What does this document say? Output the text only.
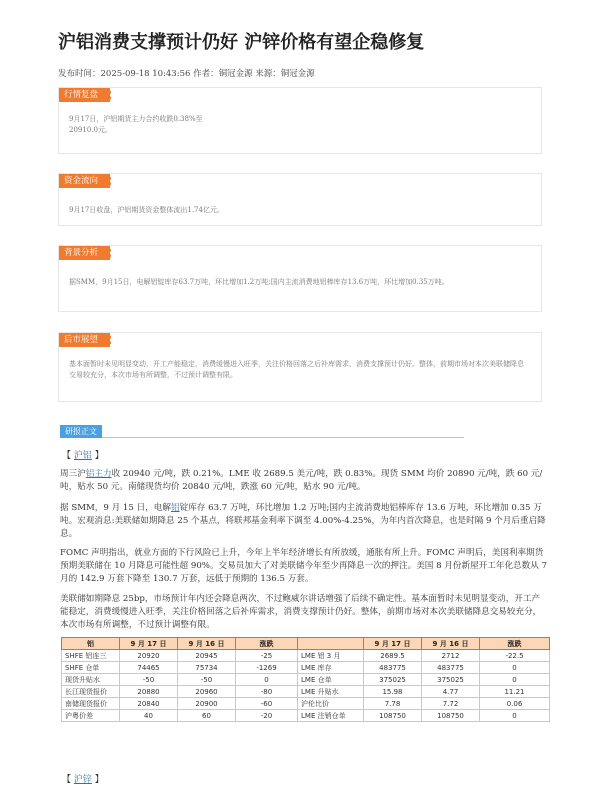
沪铝消费支撑预计仍好 沪锌价格有望企稳修复
发布时间：2025-09-18 10:43:56 作者：铜冠金源 来源：铜冠金源
行情复盘
9月17日，沪铝期货主力合约收跌0.38%至20910.0元。
资金流向
9月17日收盘，沪铝期货资金整体流出1.74亿元。
背景分析
据SMM，9月15日，电解铝锭库存63.7万吨，环比增加1.2万吨;国内主流消费地铝棒库存13.6万吨，环比增加0.35万吨。
后市展望
基本面暂时未见明显变动，开工产能稳定，消费缓慢进入旺季，关注价格回落之后补库需求，消费支撑预计仍好。整体，前期市场对本次美联储降息交易较充分，本次市场有所调整，不过预计调整有限。
研报正文
【 沪铝 】

周三沪铝主力收 20940 元/吨，跌 0.21%。LME 收 2689.5 美元/吨，跌 0.83%。现货 SMM 均价 20890 元/吨，跌 60 元/吨，贴水 50 元。南储现货均价 20840 元/吨，跌涨 60 元/吨，贴水 90 元/吨。

据 SMM，9 月 15 日，电解铝锭库存 63.7 万吨，环比增加 1.2 万吨;国内主流消费地铝棒库存 13.6 万吨，环比增加 0.35 万吨。宏观消息:美联储如期降息 25 个基点，将联邦基金利率下调至 4.00%-4.25%，为年内首次降息，也是时隔 9 个月后重启降息。

FOMC 声明指出，就业方面的下行风险已上升，今年上半年经济增长有所放缓，通胀有所上升。FOMC 声明后，美国利率期货预期美联储在 10 月降息可能性超 90%。交易员加大了对美联储今年至少再降息一次的押注。美国 8 月份新屋开工年化总数从 7 月的 142.9 万套下降至 130.7 万套，远低于预期的 136.5 万套。

美联储如期降息 25bp，市场预计年内还会降息两次，不过鲍威尔讲话增强了后续不确定性。基本面暂时未见明显变动，开工产能稳定，消费缓慢进入旺季，关注价格回落之后补库需求，消费支撑预计仍好。整体，前期市场对本次美联储降息交易较充分，本次市场有所调整，不过预计调整有限。

铝	9 月 17 日	9 月 16 日	涨跌		9 月 17 日	9 月 16 日	涨跌
SHFE 铝连三	20920	20945	-25	LME 铝 3 月	2689.5	2712	-22.5
SHFE 仓单	74465	75734	-1269	LME 库存	483775	483775	0
现货升贴水	-50	-50	0	LME 仓单	375025	375025	0
长江现货报价	20880	20960	-80	LME 升贴水	15.98	4.77	11.21
南储现货报价	20840	20900	-60	沪伦比价	7.78	7.72	0.06
沪粤价差	40	60	-20	LME 注销仓单	108750	108750	0
【 沪锌 】
